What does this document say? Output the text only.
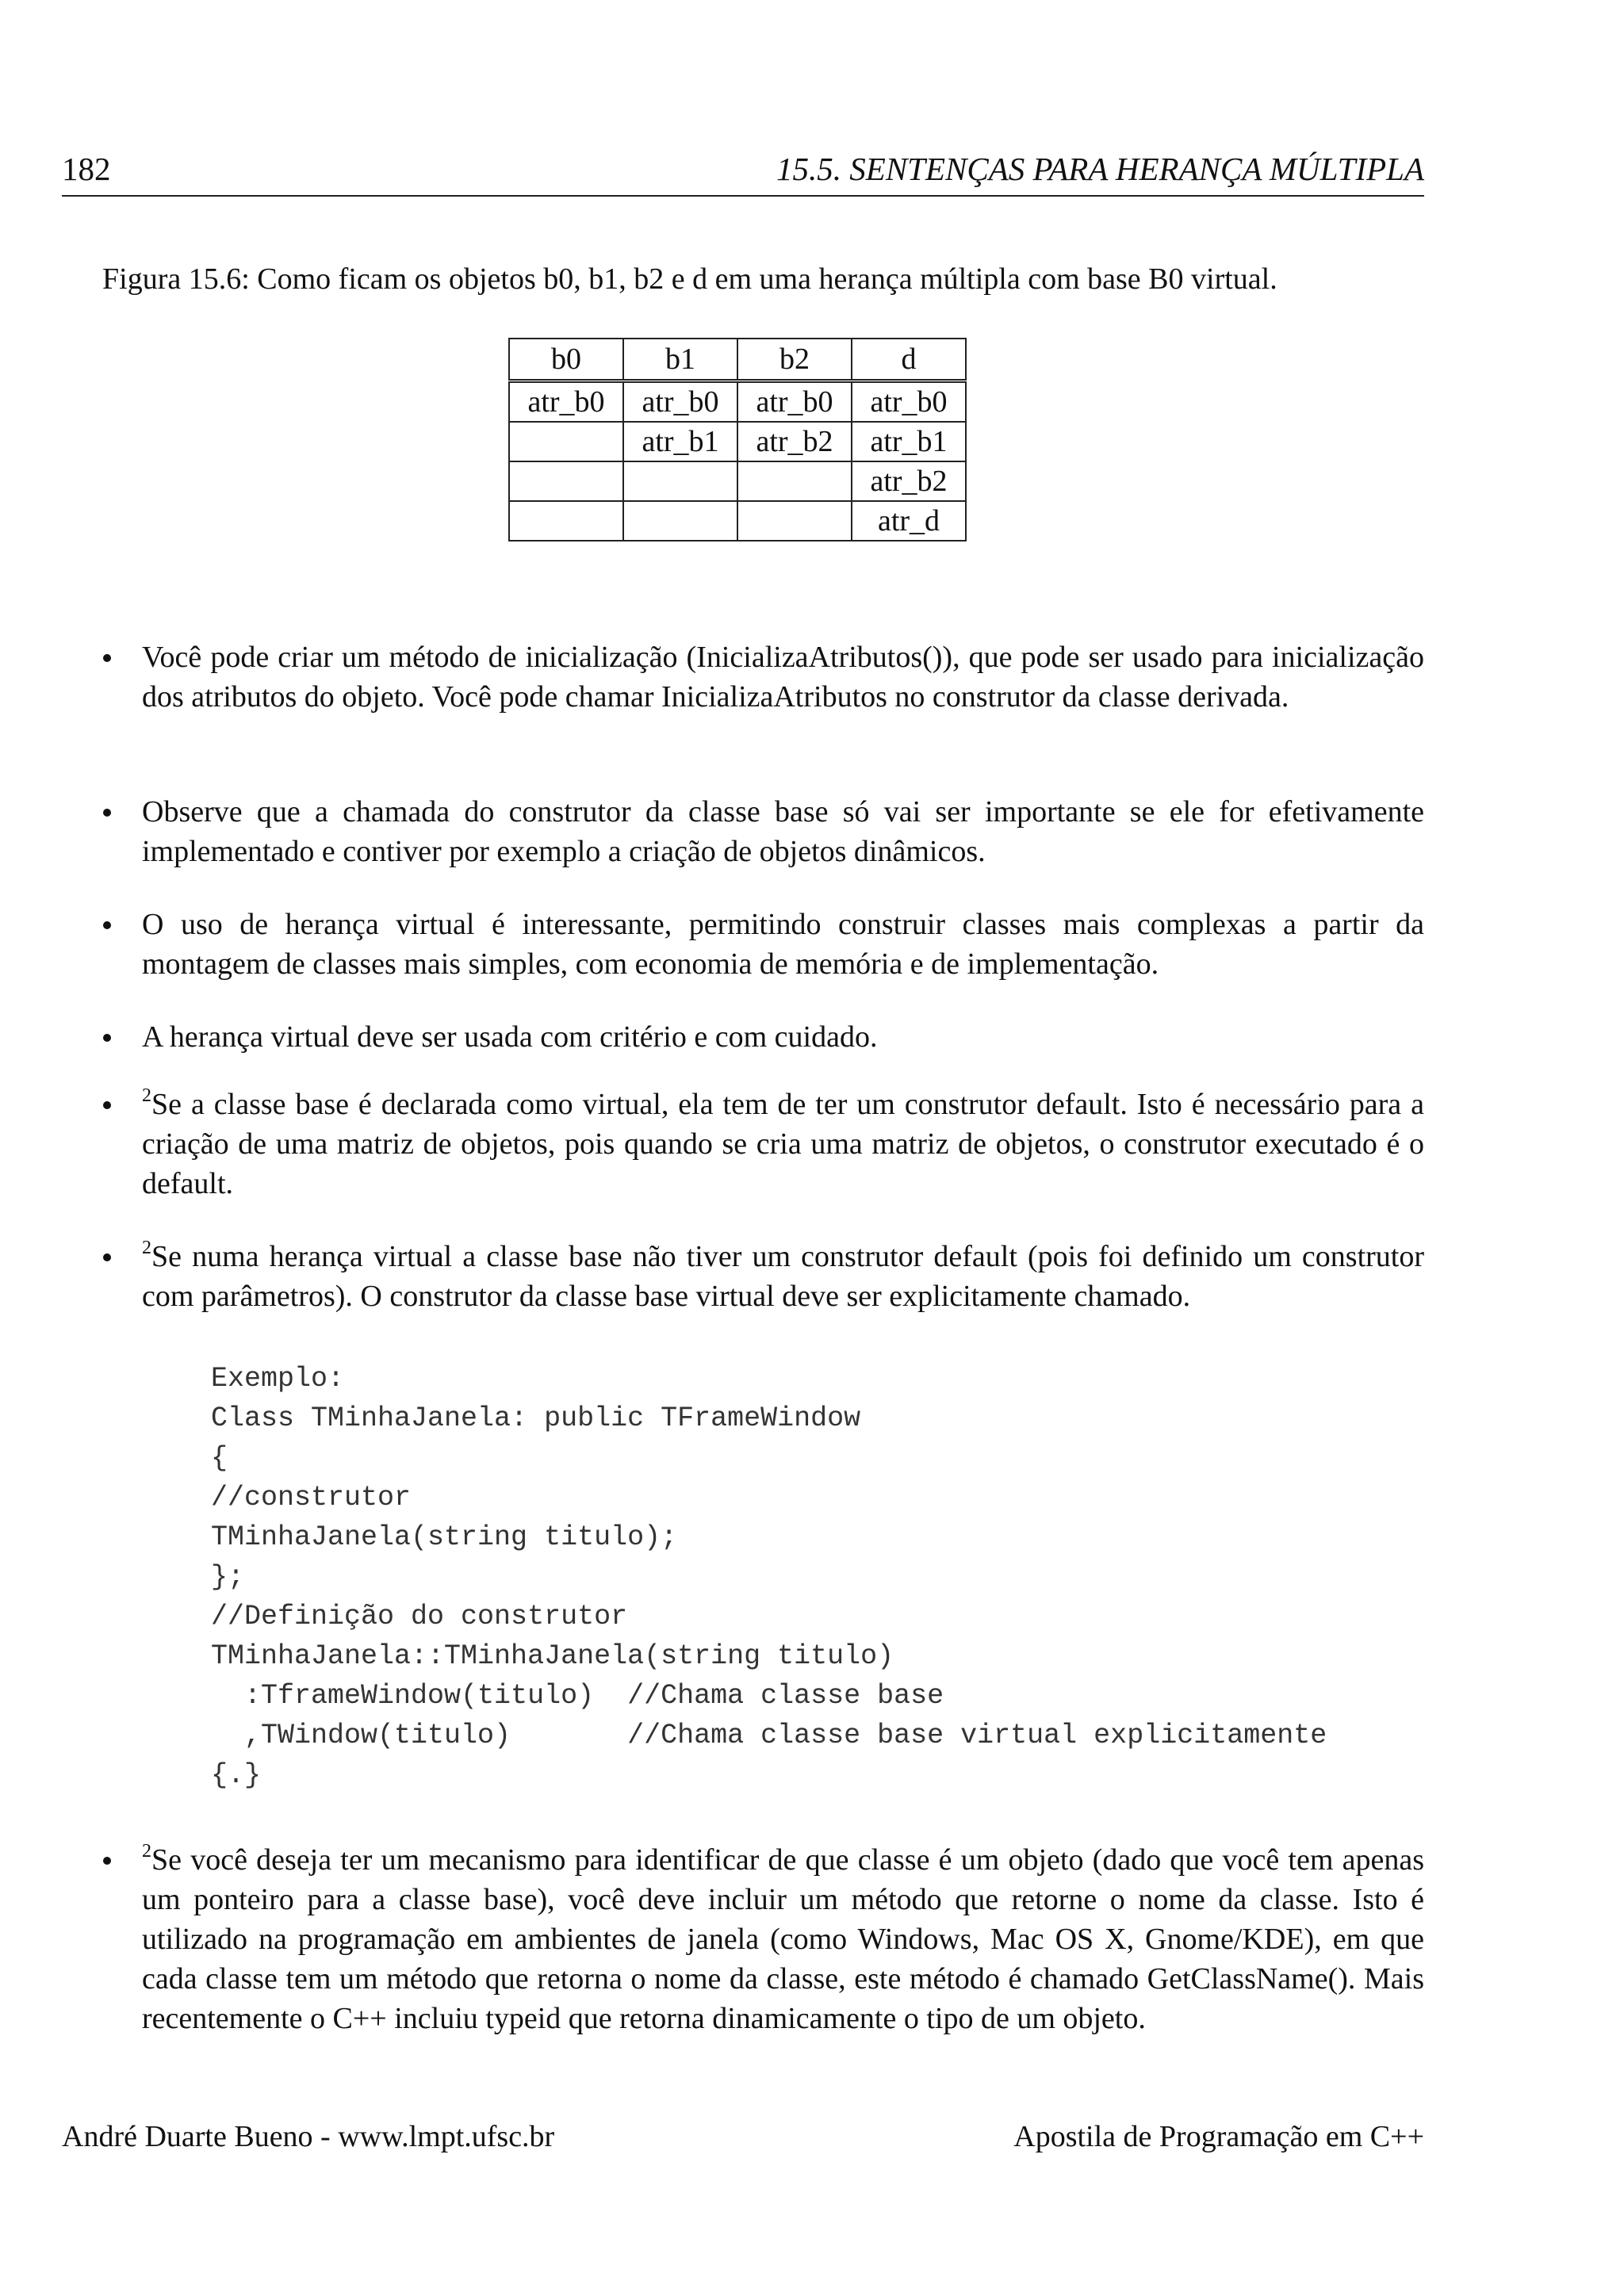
182	15.5. SENTENÇAS PARA HERANÇA MÚLTIPLA
Figura 15.6: Como ficam os objetos b0, b1, b2 e d em uma herança múltipla com base B0 virtual.
b0	b1	b2	d
atr_b0	atr_b0	atr_b0	atr_b0
	atr_b1	atr_b2	atr_b1
			atr_b2
			atr_d
Você pode criar um método de inicialização (InicializaAtributos()), que pode ser usado para inicialização dos atributos do objeto. Você pode chamar InicializaAtributos no construtor da classe derivada.
Observe que a chamada do construtor da classe base só vai ser importante se ele for efetivamente implementado e contiver por exemplo a criação de objetos dinâmicos.
O uso de herança virtual é interessante, permitindo construir classes mais complexas a partir da montagem de classes mais simples, com economia de memória e de implementação.
A herança virtual deve ser usada com critério e com cuidado.
$^2$Se a classe base é declarada como virtual, ela tem de ter um construtor default. Isto é necessário para a criação de uma matriz de objetos, pois quando se cria uma matriz de objetos, o construtor executado é o default.
$^2$Se numa herança virtual a classe base não tiver um construtor default (pois foi definido um construtor com parâmetros). O construtor da classe base virtual deve ser explicitamente chamado.
$^2$Se você deseja ter um mecanismo para identificar de que classe é um objeto (dado que você tem apenas um ponteiro para a classe base), você deve incluir um método que retorne o nome da classe. Isto é utilizado na programação em ambientes de janela (como Windows, Mac OS X, Gnome/KDE), em que cada classe tem um método que retorna o nome da classe, este método é chamado GetClassName(). Mais recentemente o C++ incluiu typeid que retorna dinamicamente o tipo de um objeto.
Exemplo:
Class TMinhaJanela: public TFrameWindow
{
//construtor
TMinhaJanela(string titulo);
};
//Definição do construtor
TMinhaJanela::TMinhaJanela(string titulo)
:TframeWindow(titulo)  //Chama classe base
,TWindow(titulo)       //Chama classe base virtual explicitamente
{.}
André Duarte Bueno - www.lmpt.ufsc.br	Apostila de Programação em C++
